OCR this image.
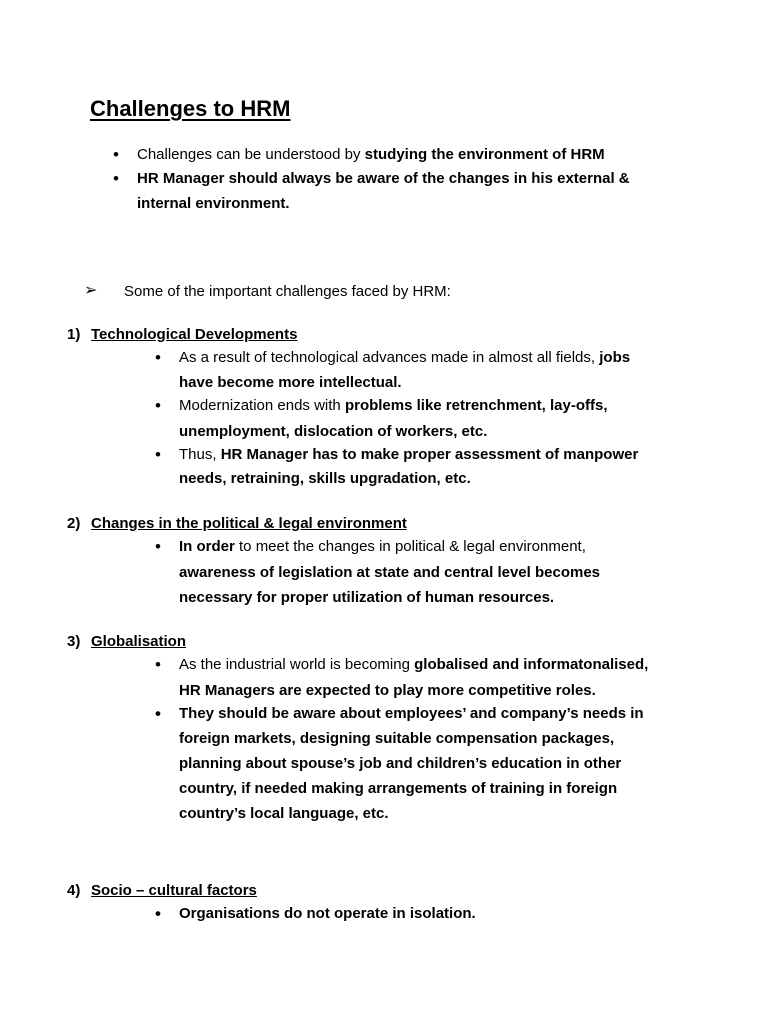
Challenges to HRM
• Challenges can be understood by studying the environment of HRM
• HR Manager should always be aware of the changes in his external &
internal environment.
➢ Some of the important challenges faced by HRM:
1) Technological Developments
• As a result of technological advances made in almost all fields, jobs
have become more intellectual.
• Modernization ends with problems like retrenchment, lay-offs,
unemployment, dislocation of workers, etc.
• Thus, HR Manager has to make proper assessment of manpower
needs, retraining, skills upgradation, etc.
2) Changes in the political & legal environment
• In order to meet the changes in political & legal environment,
awareness of legislation at state and central level becomes
necessary for proper utilization of human resources.
3) Globalisation
• As the industrial world is becoming globalised and informatonalised,
HR Managers are expected to play more competitive roles.
• They should be aware about employees’ and company’s needs in
foreign markets, designing suitable compensation packages,
planning about spouse’s job and children’s education in other
country, if needed making arrangements of training in foreign
country’s local language, etc.
4) Socio – cultural factors
• Organisations do not operate in isolation.
